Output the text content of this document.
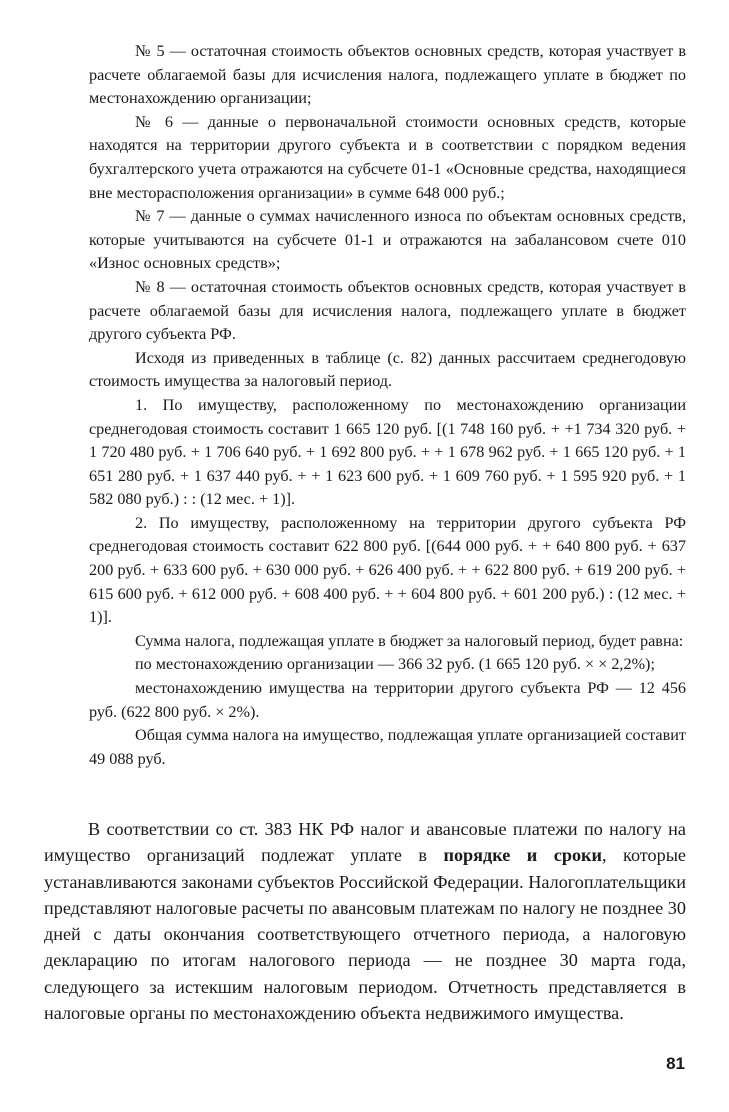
№ 5 — остаточная стоимость объектов основных средств, которая участвует в расчете облагаемой базы для исчисления налога, подлежащего уплате в бюджет по местонахождению организации;

№ 6 — данные о первоначальной стоимости основных средств, которые находятся на территории другого субъекта и в соответствии с порядком ведения бухгалтерского учета отражаются на субсчете 01-1 «Основные средства, находящиеся вне месторасположения организации» в сумме 648 000 руб.;

№ 7 — данные о суммах начисленного износа по объектам основных средств, которые учитываются на субсчете 01-1 и отражаются на забалансовом счете 010 «Износ основных средств»;

№ 8 — остаточная стоимость объектов основных средств, которая участвует в расчете облагаемой базы для исчисления налога, подлежащего уплате в бюджет другого субъекта РФ.

Исходя из приведенных в таблице (с. 82) данных рассчитаем среднегодовую стоимость имущества за налоговый период.

1. По имуществу, расположенному по местонахождению организации среднегодовая стоимость составит 1 665 120 руб. [(1 748 160 руб. + +1 734 320 руб. + 1 720 480 руб. + 1 706 640 руб. + 1 692 800 руб. + + 1 678 962 руб. + 1 665 120 руб. + 1 651 280 руб. + 1 637 440 руб. + + 1 623 600 руб. + 1 609 760 руб. + 1 595 920 руб. + 1 582 080 руб.) : : (12 мес. + 1)].

2. По имуществу, расположенному на территории другого субъекта РФ среднегодовая стоимость составит 622 800 руб. [(644 000 руб. + + 640 800 руб. + 637 200 руб. + 633 600 руб. + 630 000 руб. + 626 400 руб. + + 622 800 руб. + 619 200 руб. + 615 600 руб. + 612 000 руб. + 608 400 руб. + + 604 800 руб. + 601 200 руб.) : (12 мес. + 1)].

Сумма налога, подлежащая уплате в бюджет за налоговый период, будет равна:

по местонахождению организации — 366 32 руб. (1 665 120 руб. × × 2,2%);

местонахождению имущества на территории другого субъекта РФ — 12 456 руб. (622 800 руб. × 2%).

Общая сумма налога на имущество, подлежащая уплате организацией составит 49 088 руб.

В соответствии со ст. 383 НК РФ налог и авансовые платежи по налогу на имущество организаций подлежат уплате в порядке и сроки, которые устанавливаются законами субъектов Российской Федерации. Налогоплательщики представляют налоговые расчеты по авансовым платежам по налогу не позднее 30 дней с даты окончания соответствующего отчетного периода, а налоговую декларацию по итогам налогового периода — не позднее 30 марта года, следующего за истекшим налоговым периодом. Отчетность представляется в налоговые органы по местонахождению объекта недвижимого имущества.

81
